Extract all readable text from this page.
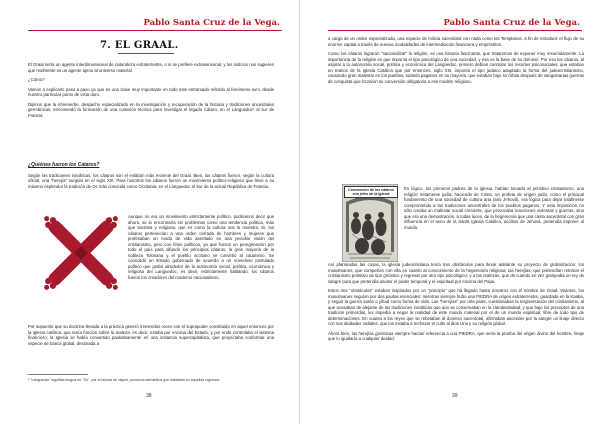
Pablo Santa Cruz de la Vega.
7. EL GRAAL.

El Graal sería un agente interdimensional de naturaleza extraterrestre, o si se prefiere extrasensorial, y los indicios nos sugieren que realmente es un agente ajeno al universo material.

¿Cómo?

Vamos a explicarlo paso a paso ya que es una clave muy importante en todo este entramado referido al fenómeno ovni, desde nuestro particular punto de vista duro.

Dijimos que la Ahnenerbe, despacho especializado en la investigación y recuperación de la historia y tradiciones ancestrales germánicas, encomendó la formación de una comisión técnica para investigar el legado Cátaro, en el Languedoc¹ al sur de Francia.

¿Quiénes fueron los Cátaros?

Según las tradiciones iniciáticas, los cátaros son el eslabón más reciente del Graal. Bien, los cátaros fueron, según la cultura oficial, una "herejía" surgida en el siglo XIII. Para nosotros los cátaros fueron un movimiento político-religioso que llevó a su máximo esplendor la tradición de Oc más conocida como Occitania, en el Languedoc al Sur de la actual República de Francia.

Aunque no era un movimiento estrictamente político, podríamos decir que ahora, se lo encontraría sin problemas como una tendencia política, más que sectaria y religiosa, que es como la cultura nos lo muestra. Si, los cátaros pertenecían a una orden cerrada de hombres y mujeres que profesaban un modo de vida asentado en una peculiar visión del cristianismo, pero con fines políticos, ya que fueron un peregrinación por todo el país para difundir los principios cátaros, la gran mayoría de la nobleza Tolosana y el pueblo occitano se convirtió al catarismo. Se consolidó un Estado gobernado de acuerdo a un novedoso postulado político que grabó alrededor de la autonomía social, política, económica y religiosa del Languedoc, es decir, estrictamente hablando, los cátaros fueron los creadores del moderno nacionalismo.

Por supuesto que su doctrina llevada a la práctica generó tremendos roces con el suprapoder constituido en aquel entonces por la iglesia católica, que tenía función sobre la realeza, es decir, estaba por encima del Estado, y por ende controlaba el sistema financiero; la Iglesia se había convertido paulatinamente en una instancia supercapitalista, que proyectaba conformar una especie de banca global, destinada a

¹ "Languedoc" significa lengua de "Oc", por el idioma de raquíe, provincia semántica que hablaban en aquellas regiones.
38
Pablo Santa Cruz de la Vega.

a cargo de un orden especializada, una especie de milicia sacerdotal con nada como los Templarios, a fin de introducir el flujo de su enorme capital a través de nuevas modalidades de intermediación financiera y empréstitos.

Como los cátaros lograron "nacionalizar" la religión, es una historia fascinante, que trataremos de exponer muy resumidamente. La importancia de la religión es que imponía el tipo psicológico de una sociedad, y esa es la base de su dominio. Por eso los cátaros, al aspirar a la autonomía social, política y económica del Languedoc, primero debían controlar los resortes psicosociales, que estaban en manos de la Iglesia Católica que por entonces, siglo XIII, imponía el tipo judaico adaptado la forma del judeocristianismo, causando gran malestar en los pueblos, todavía paganos en su mayoría, que estaban bajo su órbita después de sanguinarias guerras de conquista que forzaron su conversión obligatoria a ese modelo religioso.

Convención de los cátaros con jefes de la Iglesia

Es lógico, los primeros padres de la iglesia, habían tomado al primitivo cristianismo, una religión netamente judía, haciendo de Cristo, un profeta de origen judío, como el principal fundamento de una sociedad de cultura aria (ario Jehová), era lógica para dejar totalmente comprometido a las tradiciones ancestrales de los pueblos paganos. Y esta imposición no sólo creaba un malestar social creciente, que provocaba reacciones violentas y guerras, sino que era una demostración, a todas luces, de la hegemonía que una casta sacerdotal con gran influencia en el seno de la Santa Iglesia Católica, acólitos de Jehová, pretendía imponer al mundo.

Así planteadas las cosas, la iglesia judeocristiana tenía tres obstáculos para llevar adelante su proyecto de globalización: los musulmanes, que competían con ella en cuanto al conocimiento de la hegemonía religiosa; las herejías, que pretendían retomar el cristianismo primitivo de tipo gnóstico y regresar por otro tipo psicológico; y a las realezas, que de cuando en vez granjeaba un rey de sangre pura que pretendía asumir el poder temporal y el espiritual por encima del Papa.

Estos tres "obstáculos" estaban inspirados por un "principio" que ha llegado hasta nosotros con el nombre de Graal. Veamos, los musulmanes seguían por dos pautas esenciales: mientras siempre hubo una PIEDRA de origen extraterrestre, guardada en la Kaaba, y seguir la guerra santa o yihad como forma de vida. Las "herejías" por otra parte, cuestionaban la tergiversación del cristianismo, al que acusaban de alejarse de las tradiciones iniciáticas que aún se conservaban en la clandestinidad, y que bajo los preceptos de una tradición primordial, les impedía a negar la realidad de este mundo material por el de un mundo espiritual, libre de todo tipo de determinaciones. En cuanto a los reyes que se rebelaban al dominio sacerdotal, afirmaban ascender por la sangre un linaje directo con sus deidades radiales, que los instaba a rechazar el culto al dios Uno y su religión global.

Ahora bien, las herejías gnósticas siempre hacían referencia a una PIEDRA, que sería la prueba del origen divino del hombre, linaje que lo igualaría a cualquier deidad.

39
